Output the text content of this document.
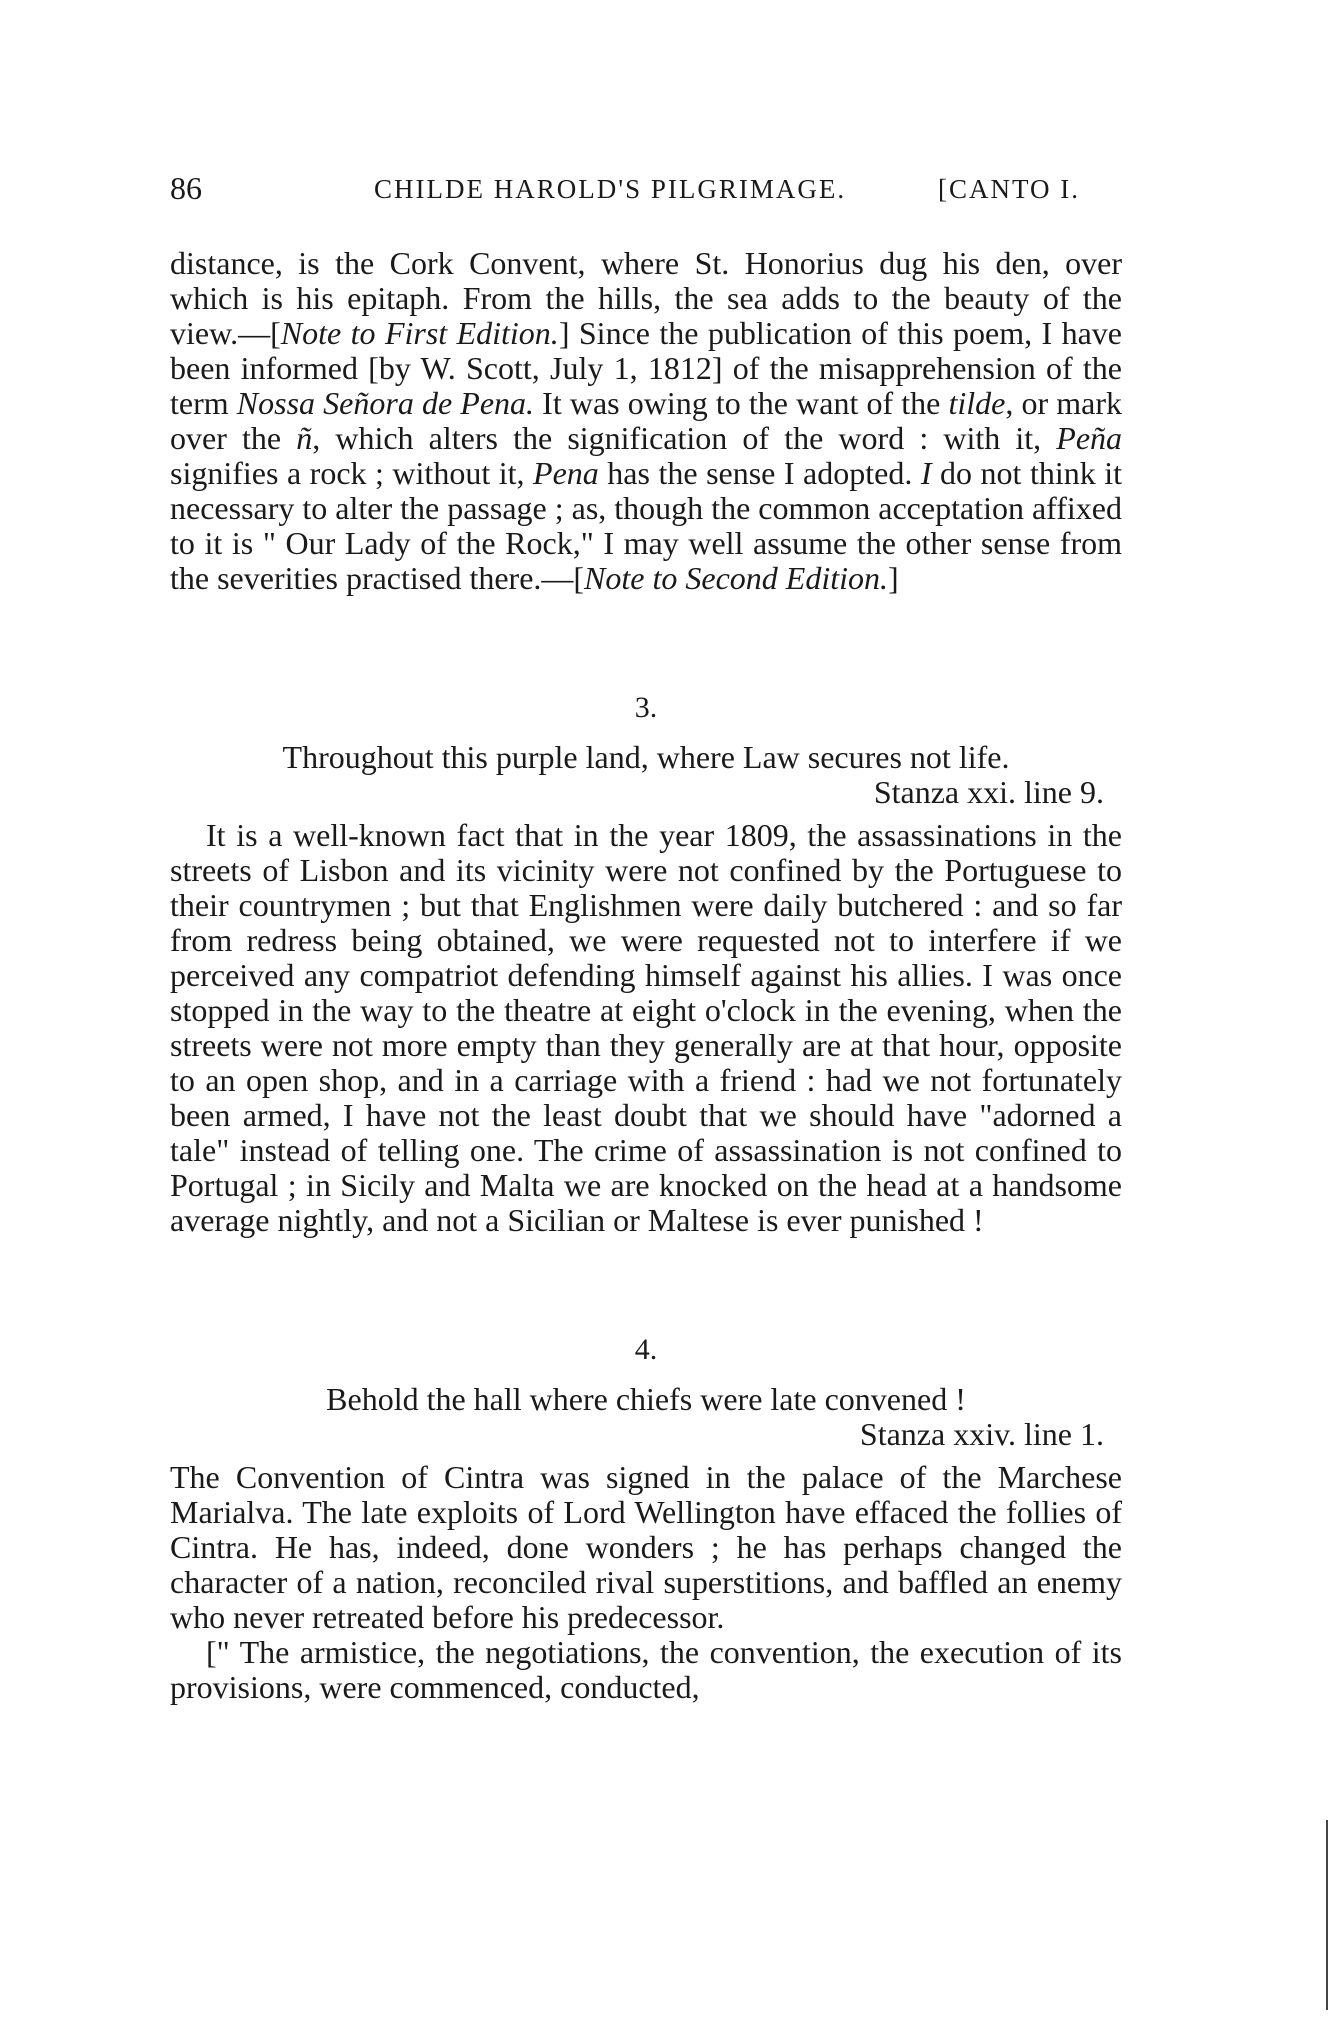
86	CHILDE HAROLD'S PILGRIMAGE.	[CANTO I.

distance, is the Cork Convent, where St. Honorius dug his den, over which is his epitaph. From the hills, the sea adds to the beauty of the view.—[Note to First Edition.] Since the publication of this poem, I have been informed [by W. Scott, July 1, 1812] of the misapprehension of the term Nossa Señora de Pena. It was owing to the want of the tilde, or mark over the ñ, which alters the signification of the word : with it, Peña signifies a rock ; without it, Pena has the sense I adopted. I do not think it necessary to alter the passage ; as, though the common acceptation affixed to it is " Our Lady of the Rock," I may well assume the other sense from the severities practised there.—[Note to Second Edition.]

3.
Throughout this purple land, where Law secures not life.
Stanza xxi. line 9.

It is a well-known fact that in the year 1809, the assassinations in the streets of Lisbon and its vicinity were not confined by the Portuguese to their countrymen ; but that Englishmen were daily butchered : and so far from redress being obtained, we were requested not to interfere if we perceived any compatriot defending himself against his allies. I was once stopped in the way to the theatre at eight o'clock in the evening, when the streets were not more empty than they generally are at that hour, opposite to an open shop, and in a carriage with a friend : had we not fortunately been armed, I have not the least doubt that we should have "adorned a tale" instead of telling one. The crime of assassination is not confined to Portugal ; in Sicily and Malta we are knocked on the head at a handsome average nightly, and not a Sicilian or Maltese is ever punished !

4.
Behold the hall where chiefs were late convened !
Stanza xxiv. line 1.

The Convention of Cintra was signed in the palace of the Marchese Marialva. The late exploits of Lord Wellington have effaced the follies of Cintra. He has, indeed, done wonders ; he has perhaps changed the character of a nation, reconciled rival superstitions, and baffled an enemy who never retreated before his predecessor.

[" The armistice, the negotiations, the convention, the execution of its provisions, were commenced, conducted,
